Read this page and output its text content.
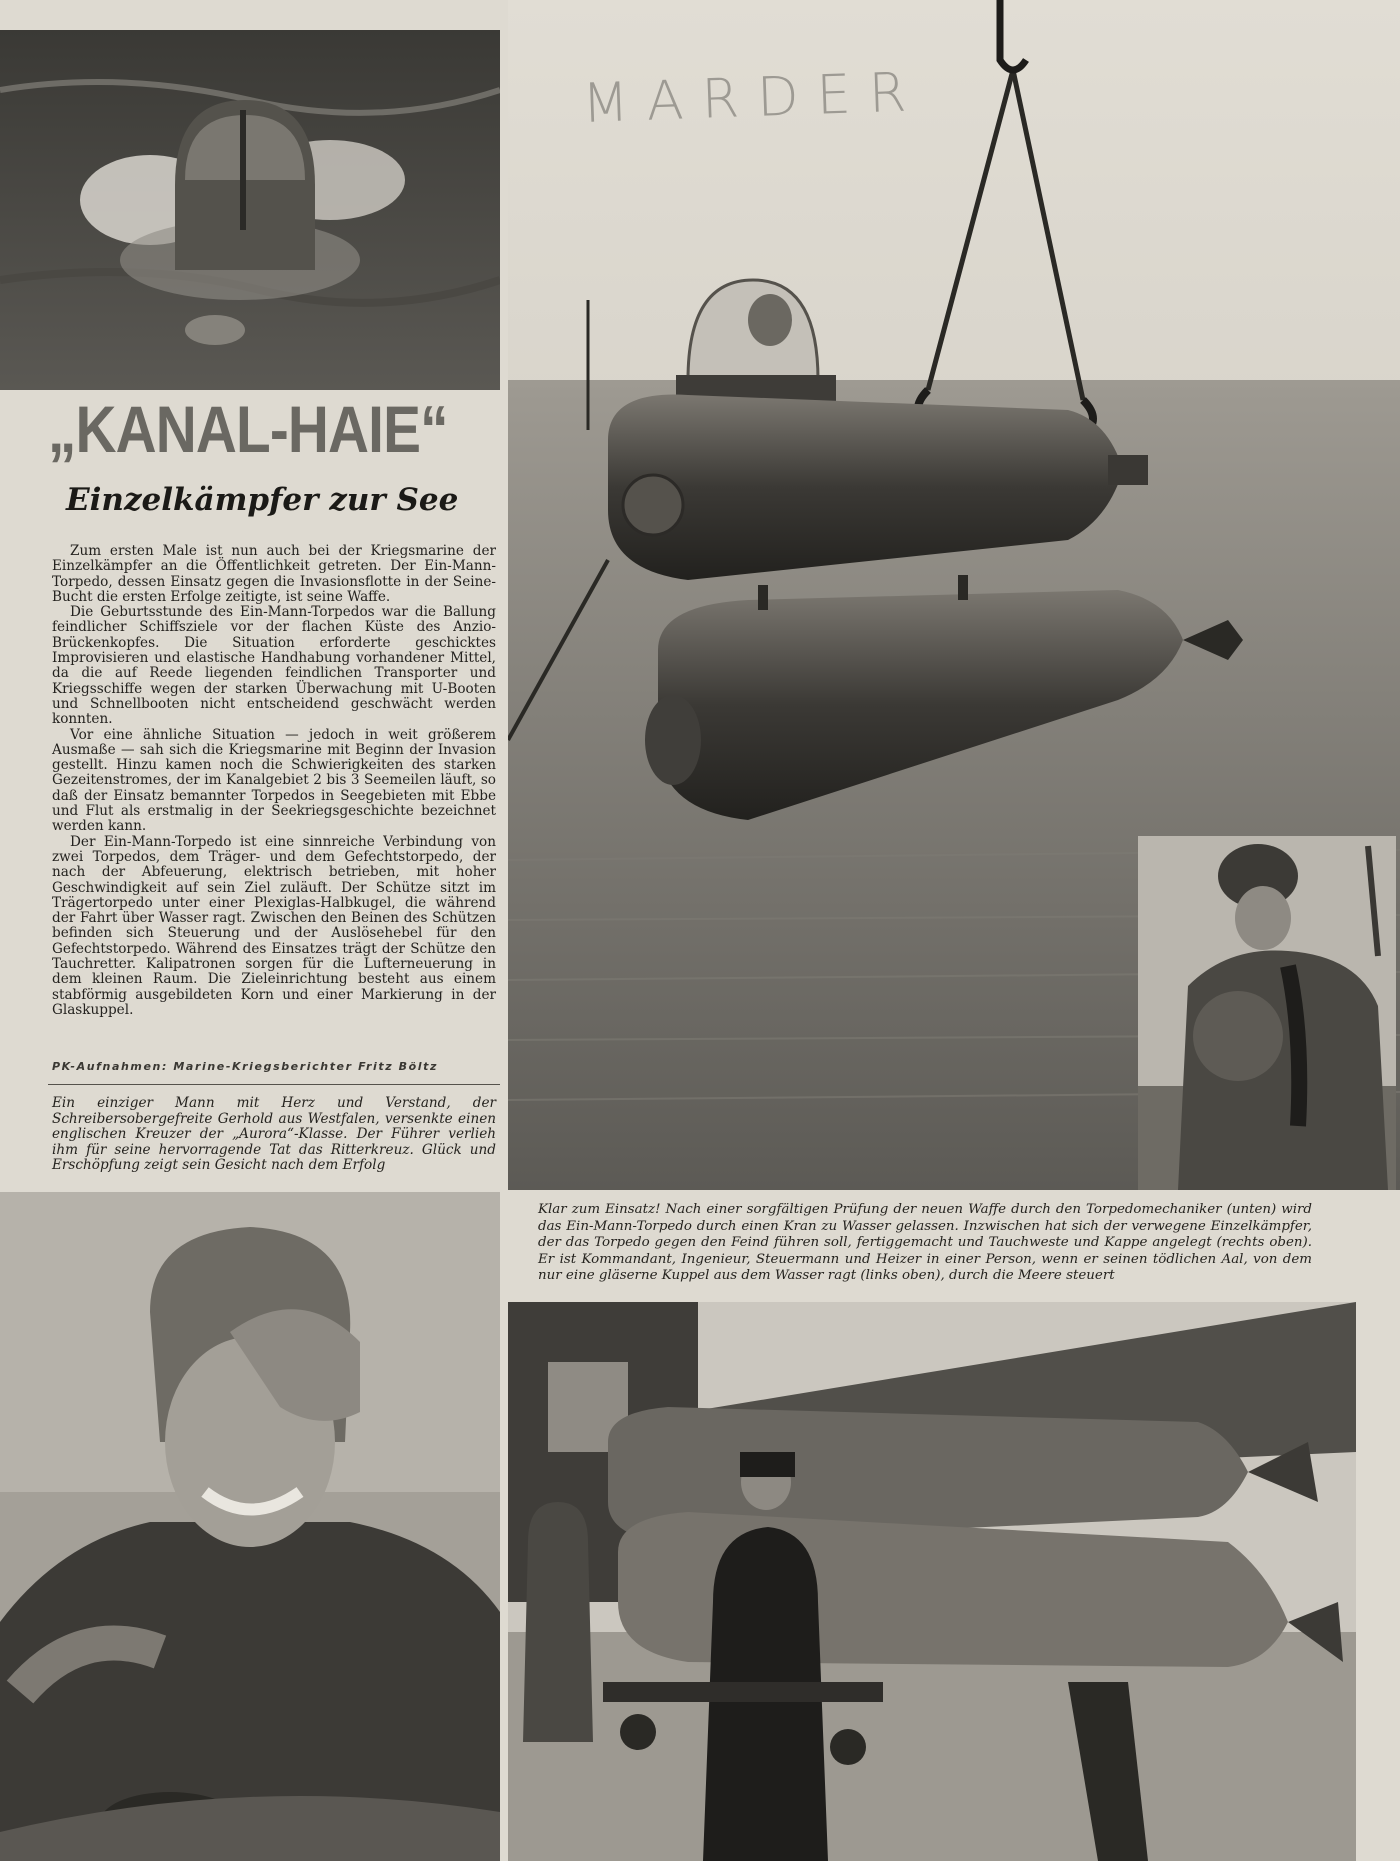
MARDER
„KANAL-HAIE“
Einzelkämpfer zur See

Zum ersten Male ist nun auch bei der Kriegsmarine der Einzelkämpfer an die Öffentlichkeit getreten. Der Ein-Mann-Torpedo, dessen Einsatz gegen die Invasionsflotte in der Seine-Bucht die ersten Erfolge zeitigte, ist seine Waffe.

Die Geburtsstunde des Ein-Mann-Torpedos war die Ballung feindlicher Schiffsziele vor der flachen Küste des Anzio-Brückenkopfes. Die Situation erforderte geschicktes Improvisieren und elastische Handhabung vorhandener Mittel, da die auf Reede liegenden feindlichen Transporter und Kriegsschiffe wegen der starken Überwachung mit U-Booten und Schnellbooten nicht entscheidend geschwächt werden konnten.

Vor eine ähnliche Situation — jedoch in weit größerem Ausmaße — sah sich die Kriegsmarine mit Beginn der Invasion gestellt. Hinzu kamen noch die Schwierigkeiten des starken Gezeitenstromes, der im Kanalgebiet 2 bis 3 Seemeilen läuft, so daß der Einsatz bemannter Torpedos in Seegebieten mit Ebbe und Flut als erstmalig in der Seekriegsgeschichte bezeichnet werden kann.

Der Ein-Mann-Torpedo ist eine sinnreiche Verbindung von zwei Torpedos, dem Träger- und dem Gefechtstorpedo, der nach der Abfeuerung, elektrisch betrieben, mit hoher Geschwindigkeit auf sein Ziel zuläuft. Der Schütze sitzt im Trägertorpedo unter einer Plexiglas-Halbkugel, die während der Fahrt über Wasser ragt. Zwischen den Beinen des Schützen befinden sich Steuerung und der Auslösehebel für den Gefechtstorpedo. Während des Einsatzes trägt der Schütze den Tauchretter. Kalipatronen sorgen für die Lufterneuerung in dem kleinen Raum. Die Zieleinrichtung besteht aus einem stabförmig ausgebildeten Korn und einer Markierung in der Glaskuppel.

PK-Aufnahmen: Marine-Kriegsberichter Fritz Böltz
Ein einziger Mann mit Herz und Verstand, der Schreibersobergefreite Gerhold aus Westfalen, versenkte einen englischen Kreuzer der „Aurora“-Klasse. Der Führer verlieh ihm für seine hervorragende Tat das Ritterkreuz. Glück und Erschöpfung zeigt sein Gesicht nach dem Erfolg
Klar zum Einsatz! Nach einer sorgfältigen Prüfung der neuen Waffe durch den Torpedomechaniker (unten) wird das Ein-Mann-Torpedo durch einen Kran zu Wasser gelassen. Inzwischen hat sich der verwegene Einzelkämpfer, der das Torpedo gegen den Feind führen soll, fertiggemacht und Tauchweste und Kappe angelegt (rechts oben). Er ist Kommandant, Ingenieur, Steuermann und Heizer in einer Person, wenn er seinen tödlichen Aal, von dem nur eine gläserne Kuppel aus dem Wasser ragt (links oben), durch die Meere steuert
